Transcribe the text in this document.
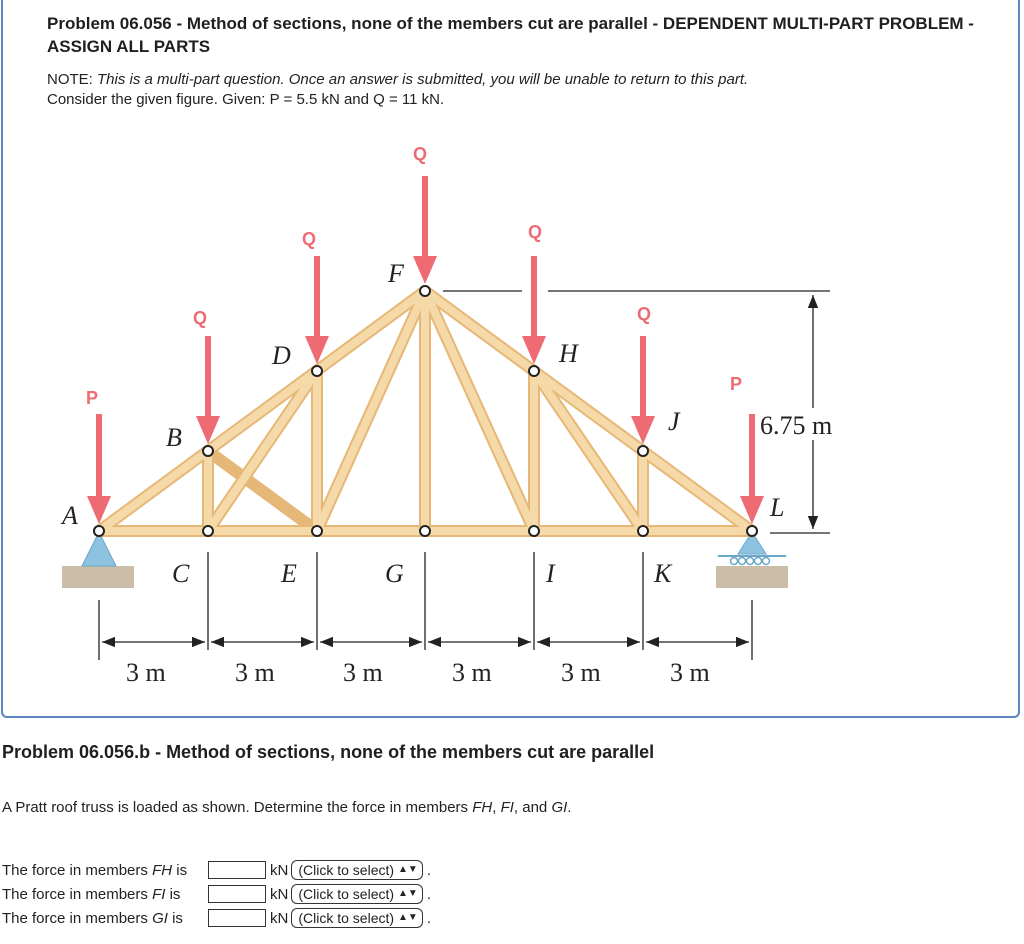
Problem 06.056 - Method of sections, none of the members cut are parallel - DEPENDENT MULTI-PART PROBLEM - ASSIGN ALL PARTS

NOTE: This is a multi-part question. Once an answer is submitted, you will be unable to return to this part.
Consider the given figure. Given: P = 5.5 kN and Q = 11 kN.
P
Q
Q
Q
Q
Q
P
A
B
C
D
E
F
G
H
I
J
K
L
3 m	3 m	3 m	3 m	3 m	3 m
6.75 m
Problem 06.056.b - Method of sections, none of the members cut are parallel
A Pratt roof truss is loaded as shown. Determine the force in members FH, FI, and GI.
The force in members FH is	kN (Click to select) ▲▼ .
The force in members FI is	kN (Click to select) ▲▼ .
The force in members GI is	kN (Click to select) ▲▼ .
